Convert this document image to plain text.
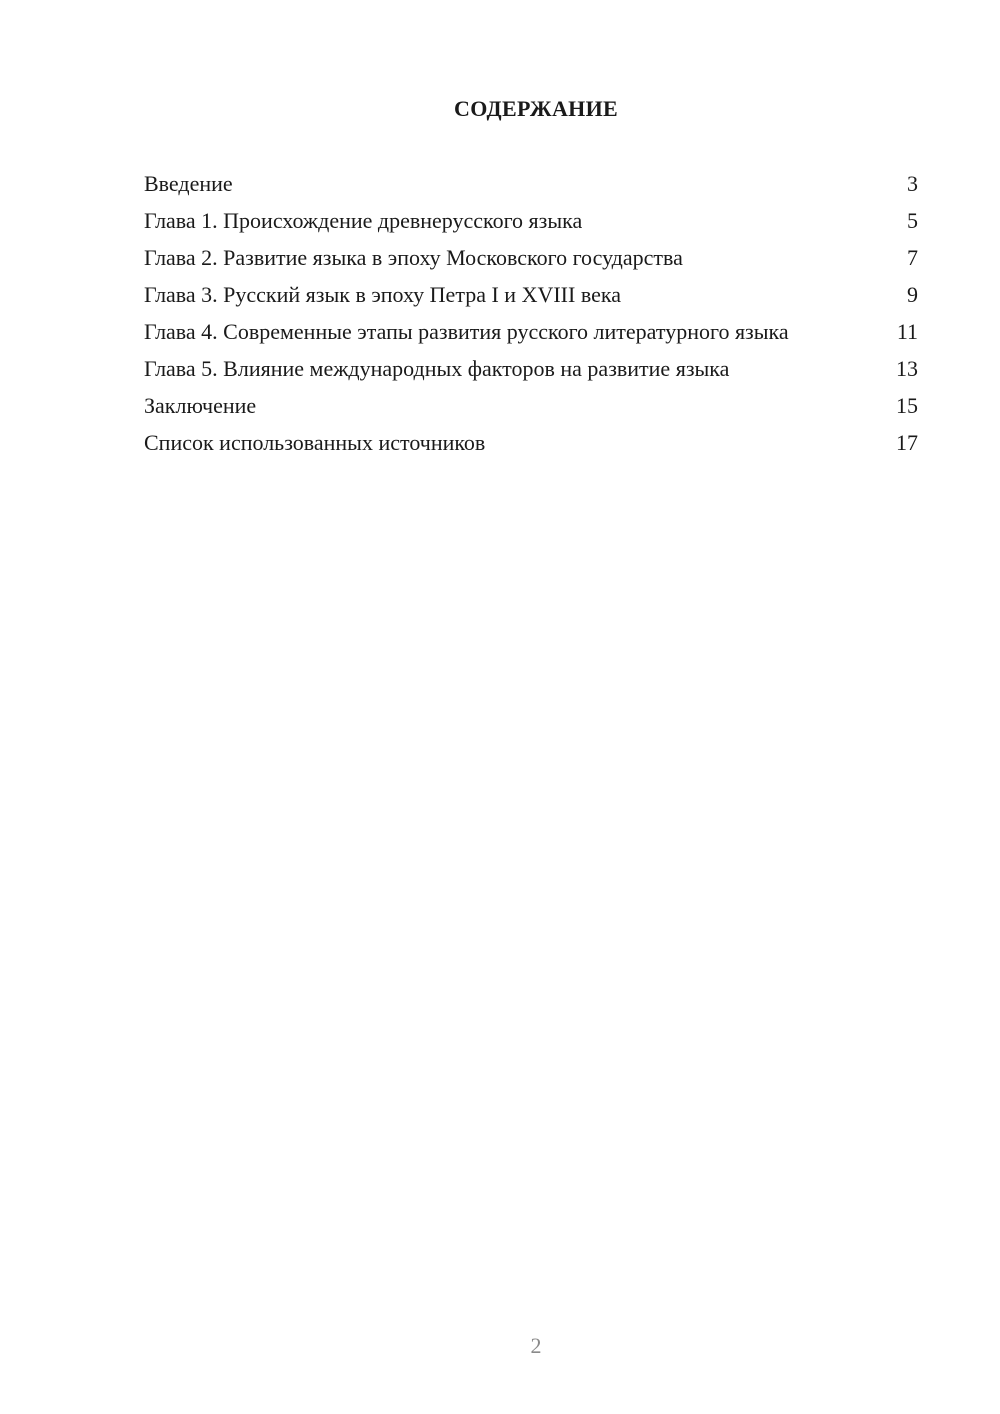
СОДЕРЖАНИЕ
Введение	3
Глава 1. Происхождение древнерусского языка	5
Глава 2. Развитие языка в эпоху Московского государства	7
Глава 3. Русский язык в эпоху Петра I и XVIII века	9
Глава 4. Современные этапы развития русского литературного языка	11
Глава 5. Влияние международных факторов на развитие языка	13
Заключение	15
Список использованных источников	17
2
